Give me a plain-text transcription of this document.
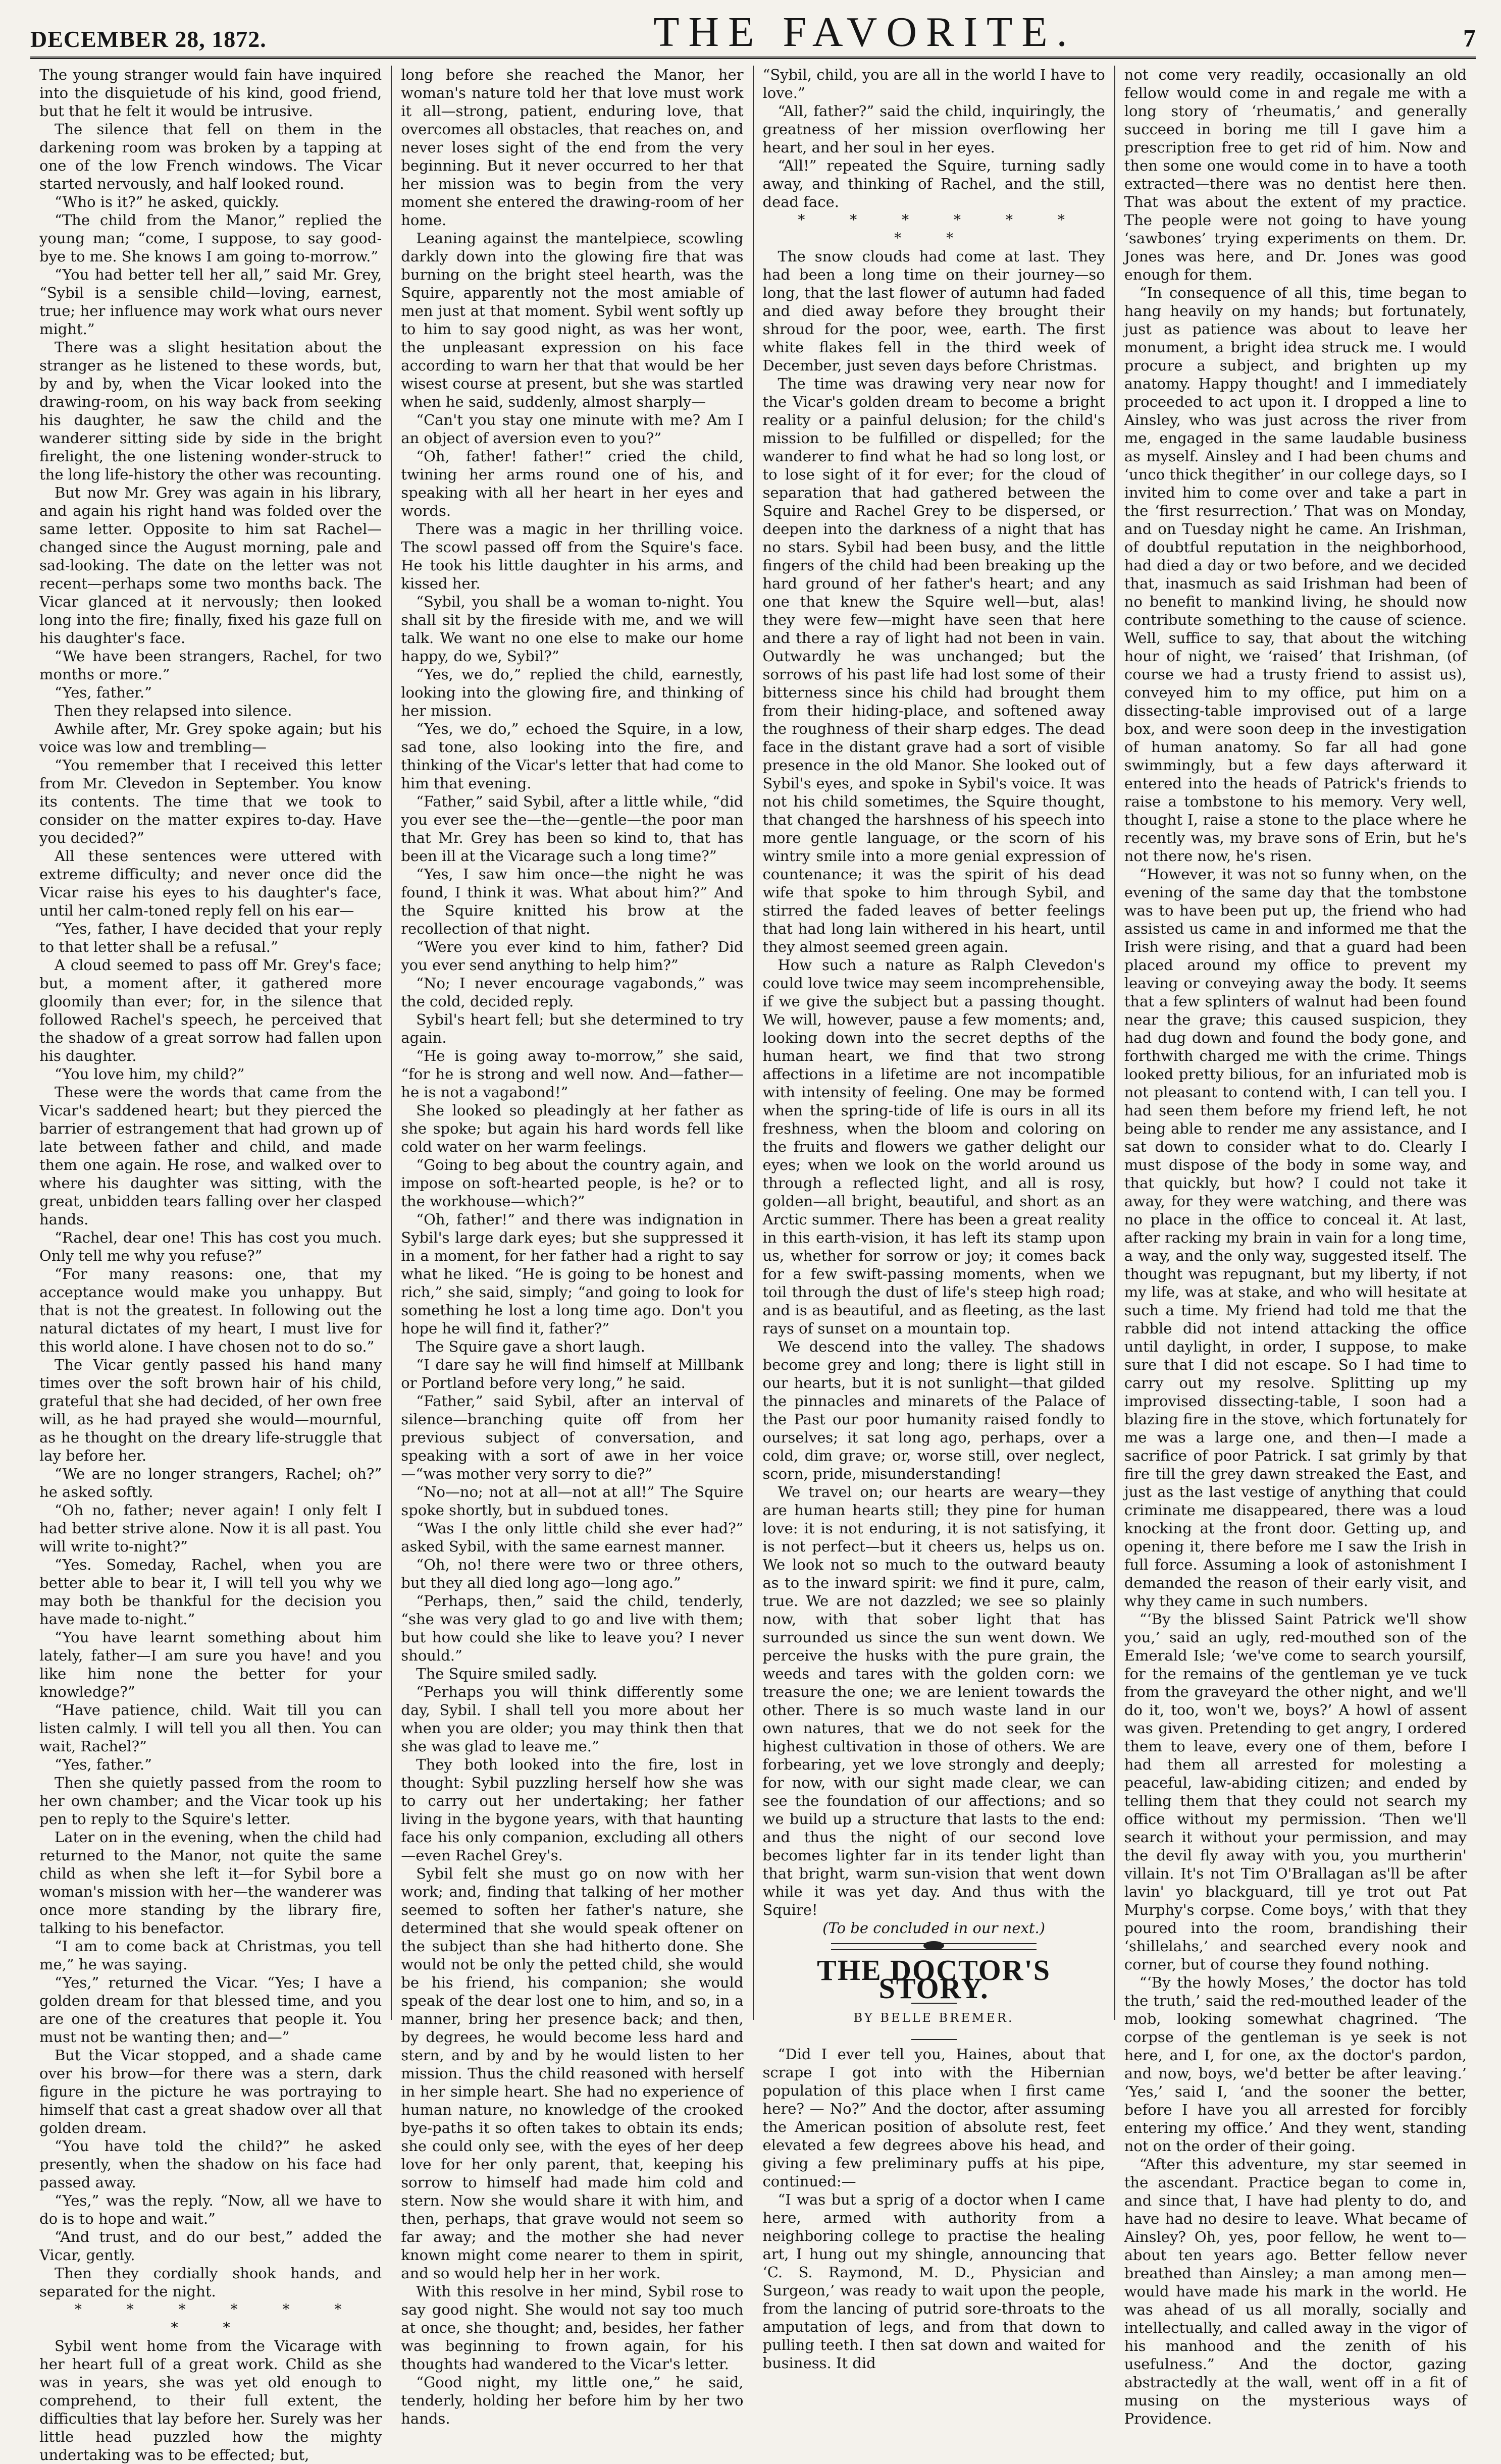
DECEMBER 28, 1872.	THE FAVORITE.	7

The young stranger would fain have inquired into the disquietude of his kind, good friend, but that he felt it would be intrusive.

The silence that fell on them in the darkening room was broken by a tapping at one of the low French windows. The Vicar started nervously, and half looked round.

“Who is it?” he asked, quickly.

“The child from the Manor,” replied the young man; “come, I suppose, to say good-bye to me. She knows I am going to-morrow.”

“You had better tell her all,” said Mr. Grey, “Sybil is a sensible child—loving, earnest, true; her influence may work what ours never might.”

There was a slight hesitation about the stranger as he listened to these words, but, by and by, when the Vicar looked into the drawing-room, on his way back from seeking his daughter, he saw the child and the wanderer sitting side by side in the bright firelight, the one listening wonder-struck to the long life-history the other was recounting.

But now Mr. Grey was again in his library, and again his right hand was folded over the same letter. Opposite to him sat Rachel—changed since the August morning, pale and sad-looking. The date on the letter was not recent—perhaps some two months back. The Vicar glanced at it nervously; then looked long into the fire; finally, fixed his gaze full on his daughter's face.

“We have been strangers, Rachel, for two months or more.”

“Yes, father.”

Then they relapsed into silence.

Awhile after, Mr. Grey spoke again; but his voice was low and trembling—

“You remember that I received this letter from Mr. Clevedon in September. You know its contents. The time that we took to consider on the matter expires to-day. Have you decided?”

All these sentences were uttered with extreme difficulty; and never once did the Vicar raise his eyes to his daughter's face, until her calm-toned reply fell on his ear—

“Yes, father, I have decided that your reply to that letter shall be a refusal.”

A cloud seemed to pass off Mr. Grey's face; but, a moment after, it gathered more gloomily than ever; for, in the silence that followed Rachel's speech, he perceived that the shadow of a great sorrow had fallen upon his daughter.

“You love him, my child?”

These were the words that came from the Vicar's saddened heart; but they pierced the barrier of estrangement that had grown up of late between father and child, and made them one again. He rose, and walked over to where his daughter was sitting, with the great, unbidden tears falling over her clasped hands.

“Rachel, dear one! This has cost you much. Only tell me why you refuse?”

“For many reasons: one, that my acceptance would make you unhappy. But that is not the greatest. In following out the natural dictates of my heart, I must live for this world alone. I have chosen not to do so.”

The Vicar gently passed his hand many times over the soft brown hair of his child, grateful that she had decided, of her own free will, as he had prayed she would—mournful, as he thought on the dreary life-struggle that lay before her.

“We are no longer strangers, Rachel; oh?” he asked softly.

“Oh no, father; never again! I only felt I had better strive alone. Now it is all past. You will write to-night?”

“Yes. Someday, Rachel, when you are better able to bear it, I will tell you why we may both be thankful for the decision you have made to-night.”

“You have learnt something about him lately, father—I am sure you have! and you like him none the better for your knowledge?”

“Have patience, child. Wait till you can listen calmly. I will tell you all then. You can wait, Rachel?”

“Yes, father.”

Then she quietly passed from the room to her own chamber; and the Vicar took up his pen to reply to the Squire's letter.

Later on in the evening, when the child had returned to the Manor, not quite the same child as when she left it—for Sybil bore a woman's mission with her—the wanderer was once more standing by the library fire, talking to his benefactor.

“I am to come back at Christmas, you tell me,” he was saying.

“Yes,” returned the Vicar. “Yes; I have a golden dream for that blessed time, and you are one of the creatures that people it. You must not be wanting then; and—”

But the Vicar stopped, and a shade came over his brow—for there was a stern, dark figure in the picture he was portraying to himself that cast a great shadow over all that golden dream.

“You have told the child?” he asked presently, when the shadow on his face had passed away.

“Yes,” was the reply. “Now, all we have to do is to hope and wait.”

“And trust, and do our best,” added the Vicar, gently.

Then they cordially shook hands, and separated for the night.

* * * * * * * *

Sybil went home from the Vicarage with her heart full of a great work. Child as she was in years, she was yet old enough to comprehend, to their full extent, the difficulties that lay before her. Surely was her little head puzzled how the mighty undertaking was to be effected; but,

long before she reached the Manor, her woman's nature told her that love must work it all—strong, patient, enduring love, that overcomes all obstacles, that reaches on, and never loses sight of the end from the very beginning. But it never occurred to her that her mission was to begin from the very moment she entered the drawing-room of her home.

Leaning against the mantelpiece, scowling darkly down into the glowing fire that was burning on the bright steel hearth, was the Squire, apparently not the most amiable of men just at that moment. Sybil went softly up to him to say good night, as was her wont, the unpleasant expression on his face according to warn her that that would be her wisest course at present, but she was startled when he said, suddenly, almost sharply—

“Can't you stay one minute with me? Am I an object of aversion even to you?”

“Oh, father! father!” cried the child, twining her arms round one of his, and speaking with all her heart in her eyes and words.

There was a magic in her thrilling voice. The scowl passed off from the Squire's face. He took his little daughter in his arms, and kissed her.

“Sybil, you shall be a woman to-night. You shall sit by the fireside with me, and we will talk. We want no one else to make our home happy, do we, Sybil?”

“Yes, we do,” replied the child, earnestly, looking into the glowing fire, and thinking of her mission.

“Yes, we do,” echoed the Squire, in a low, sad tone, also looking into the fire, and thinking of the Vicar's letter that had come to him that evening.

“Father,” said Sybil, after a little while, “did you ever see the—the—gentle—the poor man that Mr. Grey has been so kind to, that has been ill at the Vicarage such a long time?”

“Yes, I saw him once—the night he was found, I think it was. What about him?” And the Squire knitted his brow at the recollection of that night.

“Were you ever kind to him, father? Did you ever send anything to help him?”

“No; I never encourage vagabonds,” was the cold, decided reply.

Sybil's heart fell; but she determined to try again.

“He is going away to-morrow,” she said, “for he is strong and well now. And—father—he is not a vagabond!”

She looked so pleadingly at her father as she spoke; but again his hard words fell like cold water on her warm feelings.

“Going to beg about the country again, and impose on soft-hearted people, is he? or to the workhouse—which?”

“Oh, father!” and there was indignation in Sybil's large dark eyes; but she suppressed it in a moment, for her father had a right to say what he liked. “He is going to be honest and rich,” she said, simply; “and going to look for something he lost a long time ago. Don't you hope he will find it, father?”

The Squire gave a short laugh.

“I dare say he will find himself at Millbank or Portland before very long,” he said.

“Father,” said Sybil, after an interval of silence—branching quite off from her previous subject of conversation, and speaking with a sort of awe in her voice—“was mother very sorry to die?”

“No—no; not at all—not at all!” The Squire spoke shortly, but in subdued tones.

“Was I the only little child she ever had?” asked Sybil, with the same earnest manner.

“Oh, no! there were two or three others, but they all died long ago—long ago.”

“Perhaps, then,” said the child, tenderly, “she was very glad to go and live with them; but how could she like to leave you? I never should.”

The Squire smiled sadly.

“Perhaps you will think differently some day, Sybil. I shall tell you more about her when you are older; you may think then that she was glad to leave me.”

They both looked into the fire, lost in thought: Sybil puzzling herself how she was to carry out her undertaking; her father living in the bygone years, with that haunting face his only companion, excluding all others—even Rachel Grey's.

Sybil felt she must go on now with her work; and, finding that talking of her mother seemed to soften her father's nature, she determined that she would speak oftener on the subject than she had hitherto done. She would not be only the petted child, she would be his friend, his companion; she would speak of the dear lost one to him, and so, in a manner, bring her presence back; and then, by degrees, he would become less hard and stern, and by and by he would listen to her mission. Thus the child reasoned with herself in her simple heart. She had no experience of human nature, no knowledge of the crooked bye-paths it so often takes to obtain its ends; she could only see, with the eyes of her deep love for her only parent, that, keeping his sorrow to himself had made him cold and stern. Now she would share it with him, and then, perhaps, that grave would not seem so far away; and the mother she had never known might come nearer to them in spirit, and so would help her in her work.

With this resolve in her mind, Sybil rose to say good night. She would not say too much at once, she thought; and, besides, her father was beginning to frown again, for his thoughts had wandered to the Vicar's letter.

“Good night, my little one,” he said, tenderly, holding her before him by her two hands.

“Sybil, child, you are all in the world I have to love.”

“All, father?” said the child, inquiringly, the greatness of her mission overflowing her heart, and her soul in her eyes.

“All!” repeated the Squire, turning sadly away, and thinking of Rachel, and the still, dead face.

* * * * * * * *

The snow clouds had come at last. They had been a long time on their journey—so long, that the last flower of autumn had faded and died away before they brought their shroud for the poor, wee, earth. The first white flakes fell in the third week of December, just seven days before Christmas.

The time was drawing very near now for the Vicar's golden dream to become a bright reality or a painful delusion; for the child's mission to be fulfilled or dispelled; for the wanderer to find what he had so long lost, or to lose sight of it for ever; for the cloud of separation that had gathered between the Squire and Rachel Grey to be dispersed, or deepen into the darkness of a night that has no stars. Sybil had been busy, and the little fingers of the child had been breaking up the hard ground of her father's heart; and any one that knew the Squire well—but, alas! they were few—might have seen that here and there a ray of light had not been in vain. Outwardly he was unchanged; but the sorrows of his past life had lost some of their bitterness since his child had brought them from their hiding-place, and softened away the roughness of their sharp edges. The dead face in the distant grave had a sort of visible presence in the old Manor. She looked out of Sybil's eyes, and spoke in Sybil's voice. It was not his child sometimes, the Squire thought, that changed the harshness of his speech into more gentle language, or the scorn of his wintry smile into a more genial expression of countenance; it was the spirit of his dead wife that spoke to him through Sybil, and stirred the faded leaves of better feelings that had long lain withered in his heart, until they almost seemed green again.

How such a nature as Ralph Clevedon's could love twice may seem incomprehensible, if we give the subject but a passing thought. We will, however, pause a few moments; and, looking down into the secret depths of the human heart, we find that two strong affections in a lifetime are not incompatible with intensity of feeling. One may be formed when the spring-tide of life is ours in all its freshness, when the bloom and coloring on the fruits and flowers we gather delight our eyes; when we look on the world around us through a reflected light, and all is rosy, golden—all bright, beautiful, and short as an Arctic summer. There has been a great reality in this earth-vision, it has left its stamp upon us, whether for sorrow or joy; it comes back for a few swift-passing moments, when we toil through the dust of life's steep high road; and is as beautiful, and as fleeting, as the last rays of sunset on a mountain top.

We descend into the valley. The shadows become grey and long; there is light still in our hearts, but it is not sunlight—that gilded the pinnacles and minarets of the Palace of the Past our poor humanity raised fondly to ourselves; it sat long ago, perhaps, over a cold, dim grave; or, worse still, over neglect, scorn, pride, misunderstanding!

We travel on; our hearts are weary—they are human hearts still; they pine for human love: it is not enduring, it is not satisfying, it is not perfect—but it cheers us, helps us on. We look not so much to the outward beauty as to the inward spirit: we find it pure, calm, true. We are not dazzled; we see so plainly now, with that sober light that has surrounded us since the sun went down. We perceive the husks with the pure grain, the weeds and tares with the golden corn: we treasure the one; we are lenient towards the other. There is so much waste land in our own natures, that we do not seek for the highest cultivation in those of others. We are forbearing, yet we love strongly and deeply; for now, with our sight made clear, we can see the foundation of our affections; and so we build up a structure that lasts to the end: and thus the night of our second love becomes lighter far in its tender light than that bright, warm sun-vision that went down while it was yet day. And thus with the Squire!

(To be concluded in our next.)

THE DOCTOR'S STORY.
BY BELLE BREMER.

“Did I ever tell you, Haines, about that scrape I got into with the Hibernian population of this place when I first came here? — No?” And the doctor, after assuming the American position of absolute rest, feet elevated a few degrees above his head, and giving a few preliminary puffs at his pipe, continued:—

“I was but a sprig of a doctor when I came here, armed with authority from a neighboring college to practise the healing art, I hung out my shingle, announcing that ‘C. S. Raymond, M. D., Physician and Surgeon,’ was ready to wait upon the people, from the lancing of putrid sore-throats to the amputation of legs, and from that down to pulling teeth. I then sat down and waited for business. It did

not come very readily, occasionally an old fellow would come in and regale me with a long story of ‘rheumatis,’ and generally succeed in boring me till I gave him a prescription free to get rid of him. Now and then some one would come in to have a tooth extracted—there was no dentist here then. That was about the extent of my practice. The people were not going to have young ‘sawbones’ trying experiments on them. Dr. Jones was here, and Dr. Jones was good enough for them.

“In consequence of all this, time began to hang heavily on my hands; but fortunately, just as patience was about to leave her monument, a bright idea struck me. I would procure a subject, and brighten up my anatomy. Happy thought! and I immediately proceeded to act upon it. I dropped a line to Ainsley, who was just across the river from me, engaged in the same laudable business as myself. Ainsley and I had been chums and ‘unco thick thegither’ in our college days, so I invited him to come over and take a part in the ‘first resurrection.’ That was on Monday, and on Tuesday night he came. An Irishman, of doubtful reputation in the neighborhood, had died a day or two before, and we decided that, inasmuch as said Irishman had been of no benefit to mankind living, he should now contribute something to the cause of science. Well, suffice to say, that about the witching hour of night, we ‘raised’ that Irishman, (of course we had a trusty friend to assist us), conveyed him to my office, put him on a dissecting-table improvised out of a large box, and were soon deep in the investigation of human anatomy. So far all had gone swimmingly, but a few days afterward it entered into the heads of Patrick's friends to raise a tombstone to his memory. Very well, thought I, raise a stone to the place where he recently was, my brave sons of Erin, but he's not there now, he's risen.

“However, it was not so funny when, on the evening of the same day that the tombstone was to have been put up, the friend who had assisted us came in and informed me that the Irish were rising, and that a guard had been placed around my office to prevent my leaving or conveying away the body. It seems that a few splinters of walnut had been found near the grave; this caused suspicion, they had dug down and found the body gone, and forthwith charged me with the crime. Things looked pretty bilious, for an infuriated mob is not pleasant to contend with, I can tell you. I had seen them before my friend left, he not being able to render me any assistance, and I sat down to consider what to do. Clearly I must dispose of the body in some way, and that quickly, but how? I could not take it away, for they were watching, and there was no place in the office to conceal it. At last, after racking my brain in vain for a long time, a way, and the only way, suggested itself. The thought was repugnant, but my liberty, if not my life, was at stake, and who will hesitate at such a time. My friend had told me that the rabble did not intend attacking the office until daylight, in order, I suppose, to make sure that I did not escape. So I had time to carry out my resolve. Splitting up my improvised dissecting-table, I soon had a blazing fire in the stove, which fortunately for me was a large one, and then—I made a sacrifice of poor Patrick. I sat grimly by that fire till the grey dawn streaked the East, and just as the last vestige of anything that could criminate me disappeared, there was a loud knocking at the front door. Getting up, and opening it, there before me I saw the Irish in full force. Assuming a look of astonishment I demanded the reason of their early visit, and why they came in such numbers.

“‘By the blissed Saint Patrick we'll show you,’ said an ugly, red-mouthed son of the Emerald Isle; ‘we've come to search yoursilf, for the remains of the gentleman ye ve tuck from the graveyard the other night, and we'll do it, too, won't we, boys?’ A howl of assent was given. Pretending to get angry, I ordered them to leave, every one of them, before I had them all arrested for molesting a peaceful, law-abiding citizen; and ended by telling them that they could not search my office without my permission. ‘Then we'll search it without your permission, and may the devil fly away with you, you murtherin' villain. It's not Tim O'Brallagan as'll be after lavin' yo blackguard, till ye trot out Pat Murphy's corpse. Come boys,’ with that they poured into the room, brandishing their ‘shillelahs,’ and searched every nook and corner, but of course they found nothing.

“‘By the howly Moses,’ the doctor has told the truth,’ said the red-mouthed leader of the mob, looking somewhat chagrined. ‘The corpse of the gentleman is ye seek is not here, and I, for one, ax the doctor's pardon, and now, boys, we'd better be after leaving.’ ‘Yes,’ said I, ‘and the sooner the better, before I have you all arrested for forcibly entering my office.’ And they went, standing not on the order of their going.

“After this adventure, my star seemed in the ascendant. Practice began to come in, and since that, I have had plenty to do, and have had no desire to leave. What became of Ainsley? Oh, yes, poor fellow, he went to—about ten years ago. Better fellow never breathed than Ainsley; a man among men—would have made his mark in the world. He was ahead of us all morally, socially and intellectually, and called away in the vigor of his manhood and the zenith of his usefulness.” And the doctor, gazing abstractedly at the wall, went off in a fit of musing on the mysterious ways of Providence.
